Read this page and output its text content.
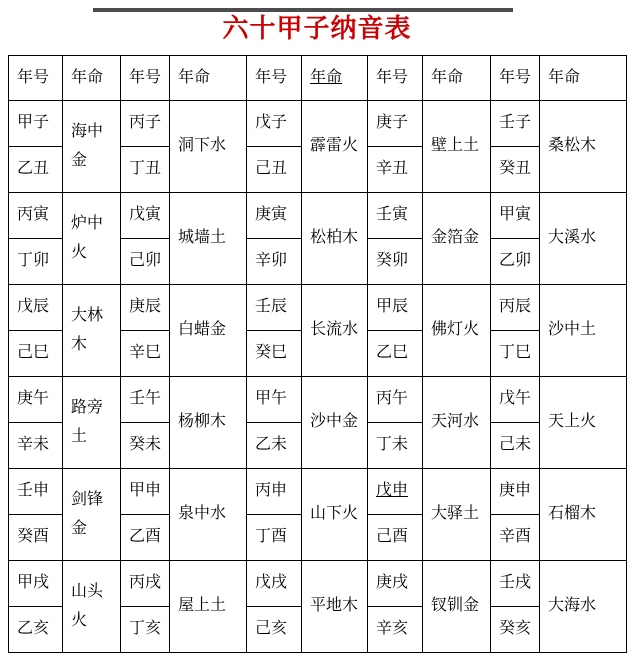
六十甲子纳音表
年号	年命	年号	年命	年号	年命	年号	年命	年号	年命
甲子	海中金	丙子	洞下水	戊子	霹雷火	庚子	壁上土	壬子	桑松木
乙丑		丁丑		己丑		辛丑		癸丑	
丙寅	炉中火	戊寅	城墙土	庚寅	松柏木	壬寅	金箔金	甲寅	大溪水
丁卯		己卯		辛卯		癸卯		乙卯	
戊辰	大林木	庚辰	白蜡金	壬辰	长流水	甲辰	佛灯火	丙辰	沙中土
己巳		辛巳		癸巳		乙巳		丁巳	
庚午	路旁土	壬午	杨柳木	甲午	沙中金	丙午	天河水	戊午	天上火
辛未		癸未		乙未		丁未		己未	
壬申	剑锋金	甲申	泉中水	丙申	山下火	戊申	大驿土	庚申	石榴木
癸酉		乙酉		丁酉		己酉		辛酉	
甲戌	山头火	丙戌	屋上土	戊戌	平地木	庚戌	钗钏金	壬戌	大海水
乙亥		丁亥		己亥		辛亥		癸亥	
